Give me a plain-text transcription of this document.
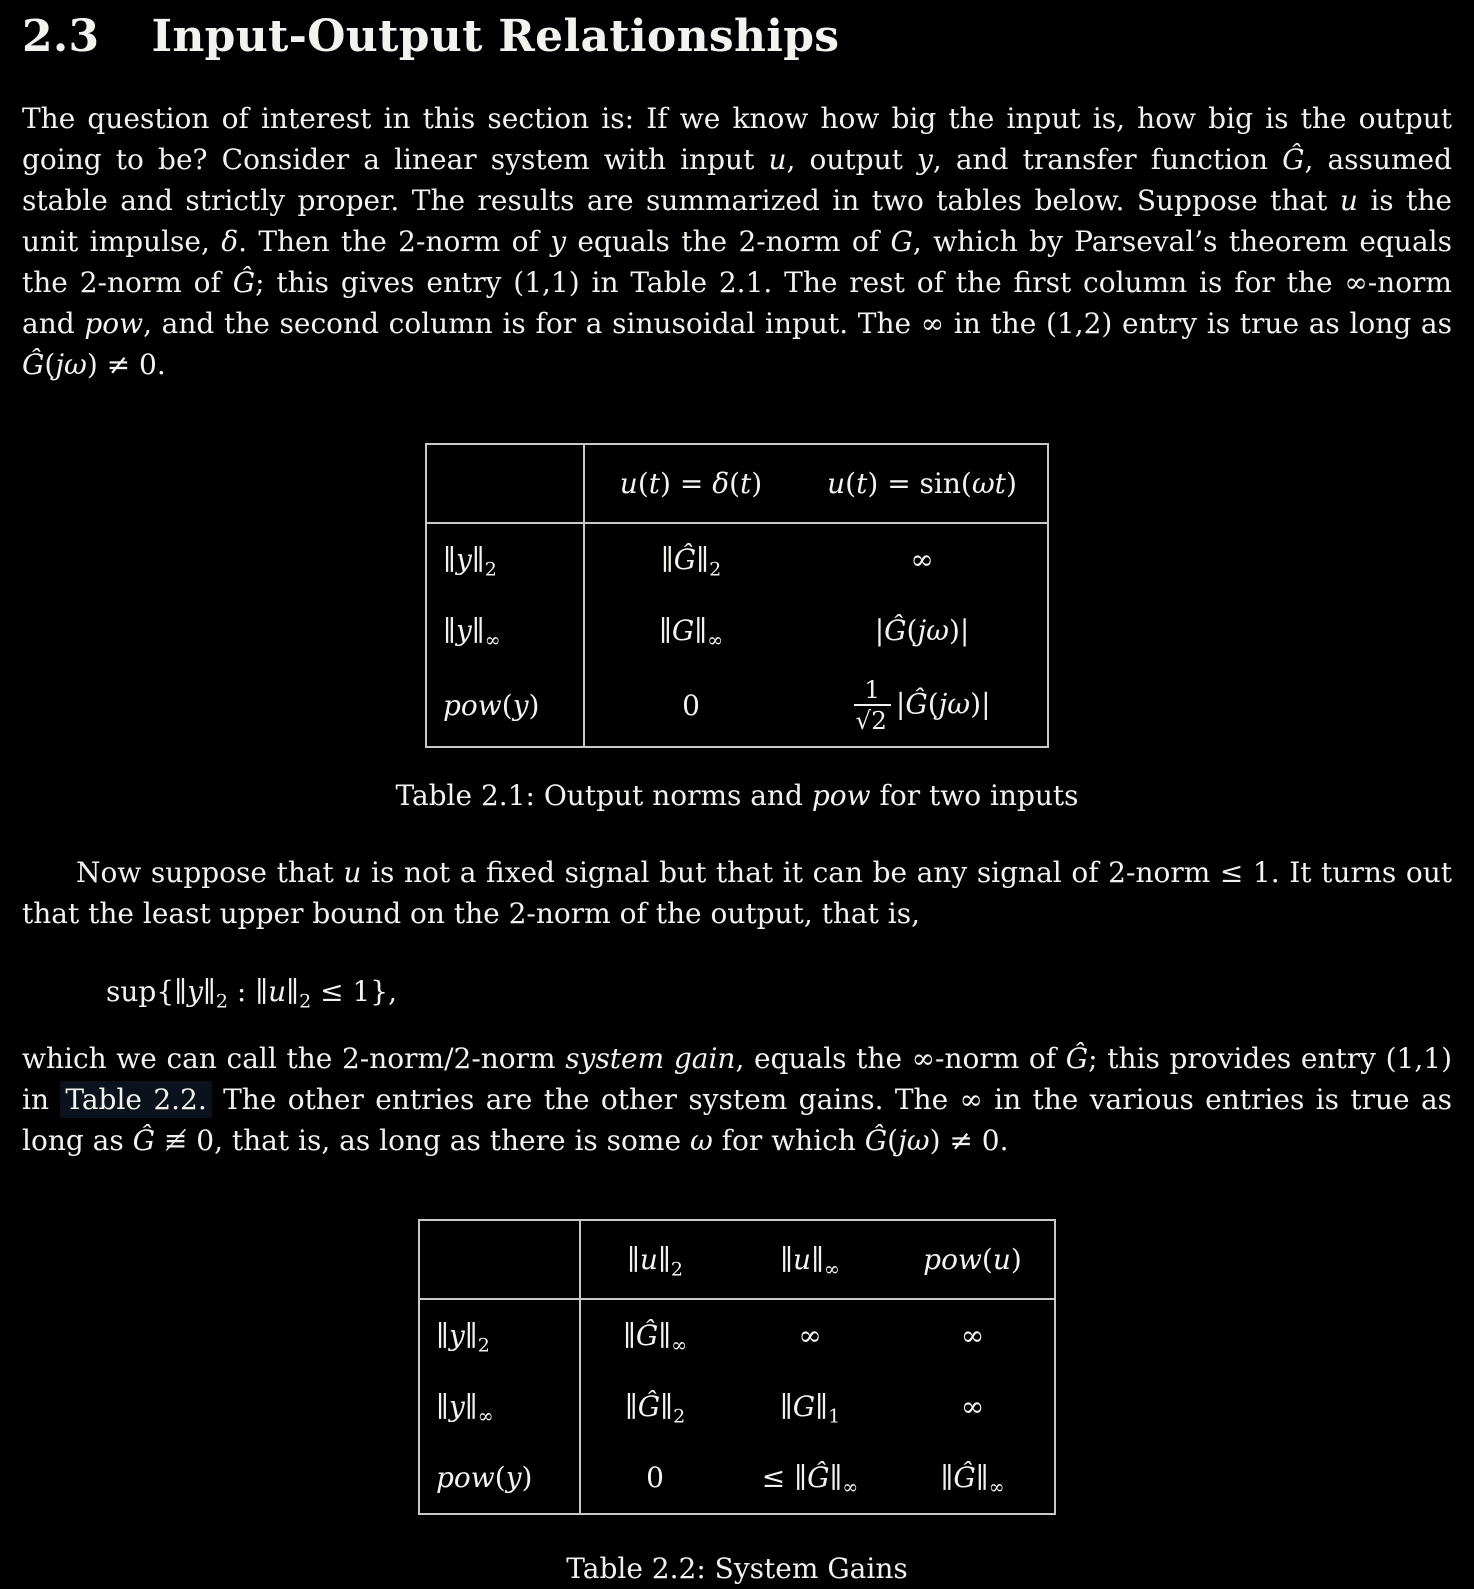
2.3 Input-Output Relationships

The question of interest in this section is: If we know how big the input is, how big is the output going to be? Consider a linear system with input u, output y, and transfer function Ĝ, assumed stable and strictly proper. The results are summarized in two tables below. Suppose that u is the unit impulse, δ. Then the 2-norm of y equals the 2-norm of G, which by Parseval’s theorem equals the 2-norm of Ĝ; this gives entry (1,1) in Table 2.1. The rest of the first column is for the ∞-norm and pow, and the second column is for a sinusoidal input. The ∞ in the (1,2) entry is true as long as Ĝ(jω) ≠ 0.

	u(t) = δ(t)	u(t) = sin(ωt)
$\parallel y\parallel_2$	$\parallel Ĝ\parallel_2$	∞
$\parallel y\parallel_\infty$	$\parallel G\parallel_\infty$	|Ĝ(jω)|
pow(y)	0	$\frac{1}{√2}$ |Ĝ(jω)|
Table 2.1: Output norms and pow for two inputs

Now suppose that u is not a fixed signal but that it can be any signal of 2-norm ≤ 1. It turns out that the least upper bound on the 2-norm of the output, that is,

$sup\{\parallel y\parallel_2$ : $\parallel u\parallel_2 \le 1$},

which we can call the 2-norm/2-norm system gain, equals the ∞-norm of Ĝ; this provides entry (1,1) in Table 2.2. The other entries are the other system gains. The ∞ in the various entries is true as long as Ĝ ≢ 0, that is, as long as there is some ω for which Ĝ(jω) ≠ 0.

	$\parallel u\parallel_2$	$\parallel u\parallel_\infty$	pow(u)
$\parallel y\parallel_2$	$\parallel Ĝ\parallel_\infty$	∞	∞
$\parallel y\parallel_\infty$	$\parallel Ĝ\parallel_2$	$\parallel G\parallel_1$	∞
pow(y)	0	≤ $\parallel Ĝ\parallel_\infty$	$\parallel Ĝ\parallel_\infty$
Table 2.2: System Gains
